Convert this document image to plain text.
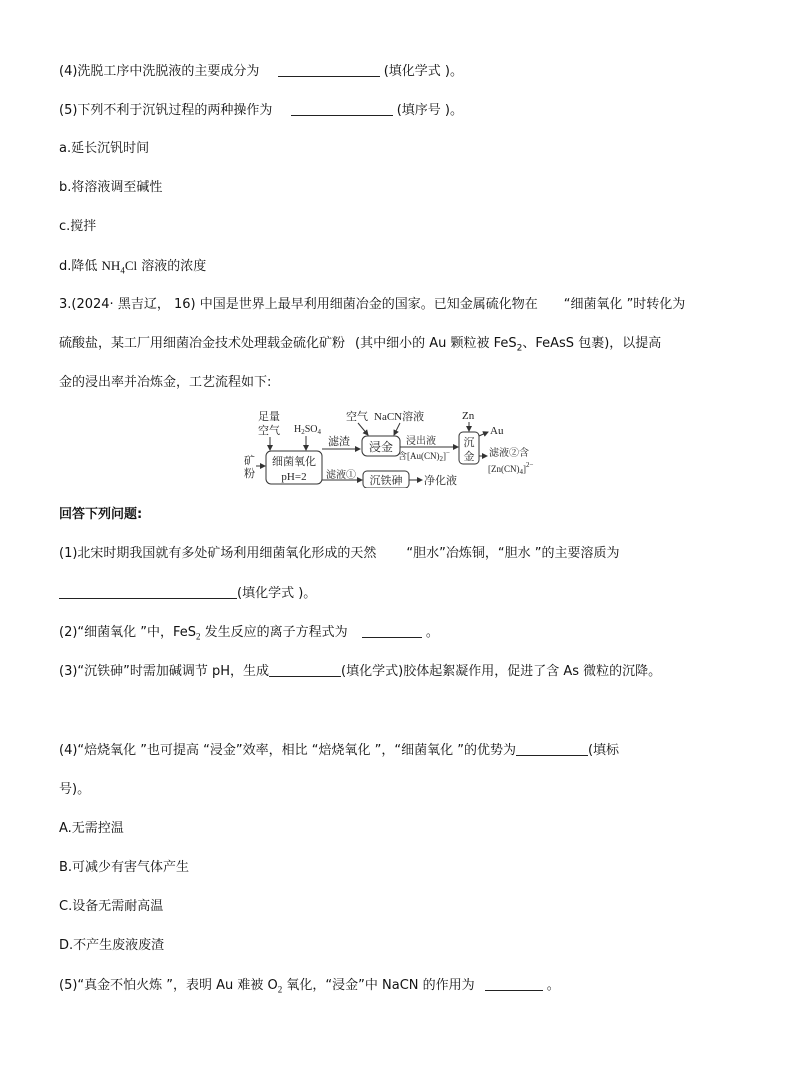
(4)洗脱工序中洗脱液的主要成分为	(填化学式 )。
(5)下列不利于沉钒过程的两种操作为	(填序号 )。
a.延长沉钒时间
b.将溶液调至碱性
c.搅拌
d.降低 $NH_4Cl$ 溶液的浓度
3.(2024· 黑吉辽， 16) 中国是世界上最早利用细菌冶金的国家。已知金属硫化物在 “细菌氧化 ”时转化为
硫酸盐，某工厂用细菌冶金技术处理载金硫化矿粉 (其中细小的 Au 颗粒被 FeS$_2$、FeAsS 包裹)，以提高
金的浸出率并冶炼金，工艺流程如下:
足量
空气 $H_2SO_4$
矿
粉
细菌氧化
pH=2
滤渣
空气 NaCN溶液
浸金 浸出液
含$[Au(CN)_2]^-$
Zn
沉
金
Au
滤液②含
$[Zn(CN)_4]^{2-}$
滤液① 沉铁砷 净化液
回答下列问题:
(1)北宋时期我国就有多处矿场利用细菌氧化形成的天然 “胆水”冶炼铜，“胆水 ”的主要溶质为
(填化学式 )。
(2)“细菌氧化 ”中，FeS$_2$ 发生反应的离子方程式为	。
(3)“沉铁砷”时需加碱调节 pH，生成	(填化学式)胶体起絮凝作用，促进了含 As 微粒的沉降。
(4)“焙烧氧化 ”也可提高 “浸金”效率，相比 “焙烧氧化 ”，“细菌氧化 ”的优势为	(填标
号)。
A.无需控温
B.可减少有害气体产生
C.设备无需耐高温
D.不产生废液废渣
(5)“真金不怕火炼 ”，表明 Au 难被 $O_2$ 氧化，“浸金”中 NaCN 的作用为	。
